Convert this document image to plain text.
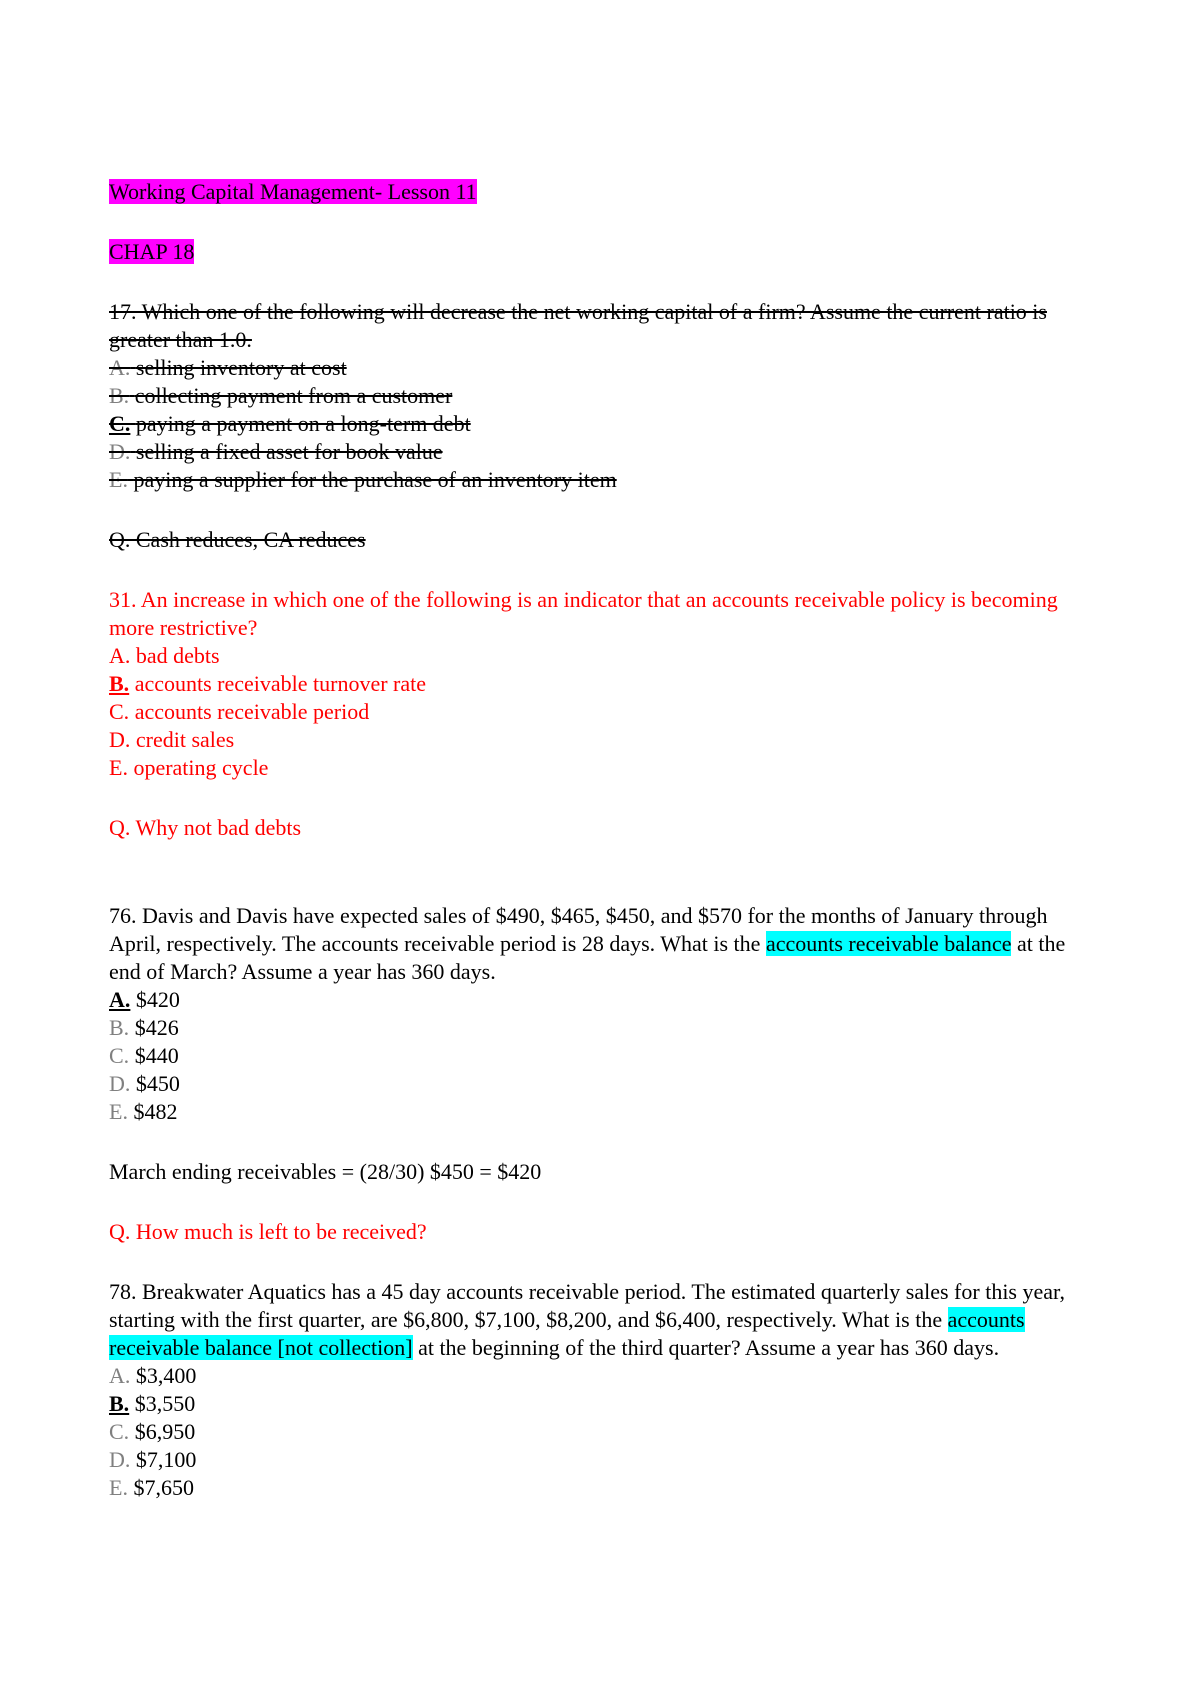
Working Capital Management- Lesson 11

CHAP 18

17. Which one of the following will decrease the net working capital of a firm? Assume the current ratio is greater than 1.0.

A. selling inventory at cost

B. collecting payment from a customer

C. paying a payment on a long-term debt

D. selling a fixed asset for book value

E. paying a supplier for the purchase of an inventory item

Q. Cash reduces, CA reduces

31. An increase in which one of the following is an indicator that an accounts receivable policy is becoming more restrictive?

A. bad debts

B. accounts receivable turnover rate

C. accounts receivable period

D. credit sales

E. operating cycle

Q. Why not bad debts

76. Davis and Davis have expected sales of $490, $465, $450, and $570 for the months of January through April, respectively. The accounts receivable period is 28 days. What is the accounts receivable balance at the end of March? Assume a year has 360 days.

A. $420

B. $426

C. $440

D. $450

E. $482

March ending receivables = (28/30) $450 = $420

Q. How much is left to be received?

78. Breakwater Aquatics has a 45 day accounts receivable period. The estimated quarterly sales for this year, starting with the first quarter, are $6,800, $7,100, $8,200, and $6,400, respectively. What is the accounts receivable balance [not collection] at the beginning of the third quarter? Assume a year has 360 days.

A. $3,400

B. $3,550

C. $6,950

D. $7,100

E. $7,650
